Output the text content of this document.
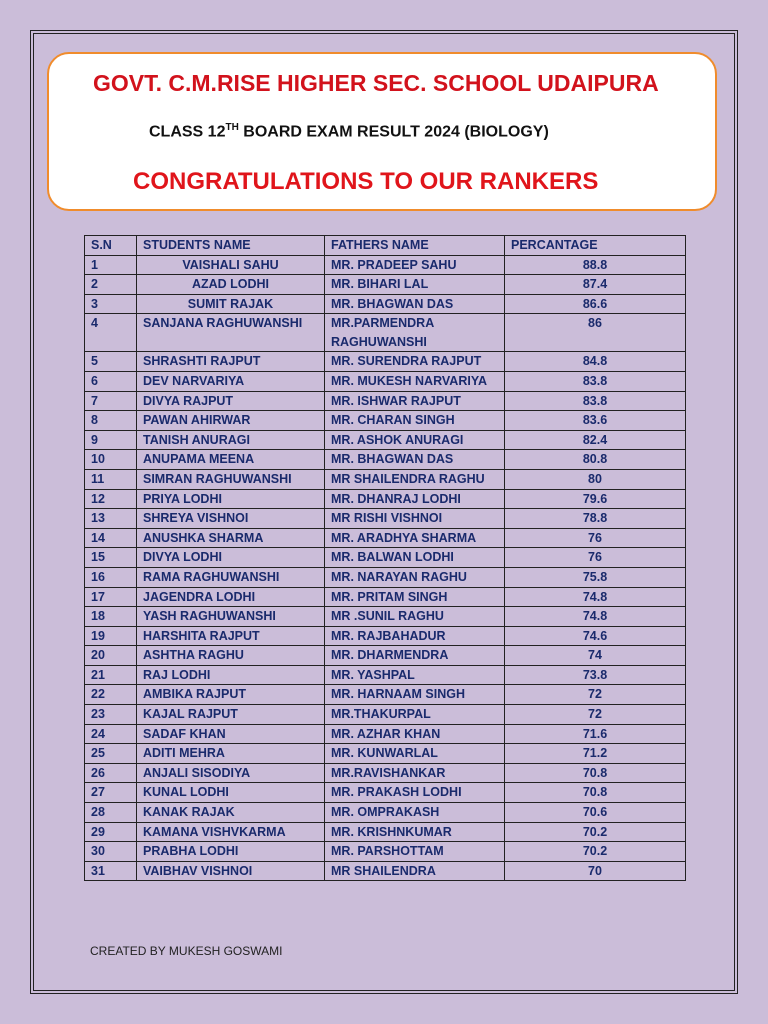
GOVT. C.M.RISE HIGHER SEC. SCHOOL UDAIPURA

CLASS 12TH BOARD EXAM RESULT 2024 (BIOLOGY)

CONGRATULATIONS TO OUR RANKERS
S.N	STUDENTS NAME	FATHERS NAME	PERCANTAGE
1	VAISHALI SAHU	MR. PRADEEP SAHU	88.8
2	AZAD LODHI	MR. BIHARI LAL	87.4
3	SUMIT RAJAK	MR. BHAGWAN DAS	86.6
4	SANJANA RAGHUWANSHI	MR.PARMENDRA RAGHUWANSHI	86
5	SHRASHTI RAJPUT	MR. SURENDRA RAJPUT	84.8
6	DEV NARVARIYA	MR. MUKESH NARVARIYA	83.8
7	DIVYA RAJPUT	MR. ISHWAR RAJPUT	83.8
8	PAWAN AHIRWAR	MR. CHARAN SINGH	83.6
9	TANISH ANURAGI	MR. ASHOK ANURAGI	82.4
10	ANUPAMA MEENA	MR. BHAGWAN DAS	80.8
11	SIMRAN RAGHUWANSHI	MR SHAILENDRA RAGHU	80
12	PRIYA LODHI	MR. DHANRAJ LODHI	79.6
13	SHREYA VISHNOI	MR RISHI VISHNOI	78.8
14	ANUSHKA SHARMA	MR. ARADHYA SHARMA	76
15	DIVYA LODHI	MR. BALWAN LODHI	76
16	RAMA RAGHUWANSHI	MR. NARAYAN RAGHU	75.8
17	JAGENDRA LODHI	MR. PRITAM SINGH	74.8
18	YASH RAGHUWANSHI	MR .SUNIL RAGHU	74.8
19	HARSHITA RAJPUT	MR. RAJBAHADUR	74.6
20	ASHTHA RAGHU	MR. DHARMENDRA	74
21	RAJ LODHI	MR. YASHPAL	73.8
22	AMBIKA RAJPUT	MR. HARNAAM SINGH	72
23	KAJAL RAJPUT	MR.THAKURPAL	72
24	SADAF KHAN	MR. AZHAR KHAN	71.6
25	ADITI MEHRA	MR. KUNWARLAL	71.2
26	ANJALI SISODIYA	MR.RAVISHANKAR	70.8
27	KUNAL LODHI	MR. PRAKASH LODHI	70.8
28	KANAK RAJAK	MR. OMPRAKASH	70.6
29	KAMANA VISHVKARMA	MR. KRISHNKUMAR	70.2
30	PRABHA LODHI	MR. PARSHOTTAM	70.2
31	VAIBHAV VISHNOI	MR SHAILENDRA	70

CREATED BY MUKESH GOSWAMI
